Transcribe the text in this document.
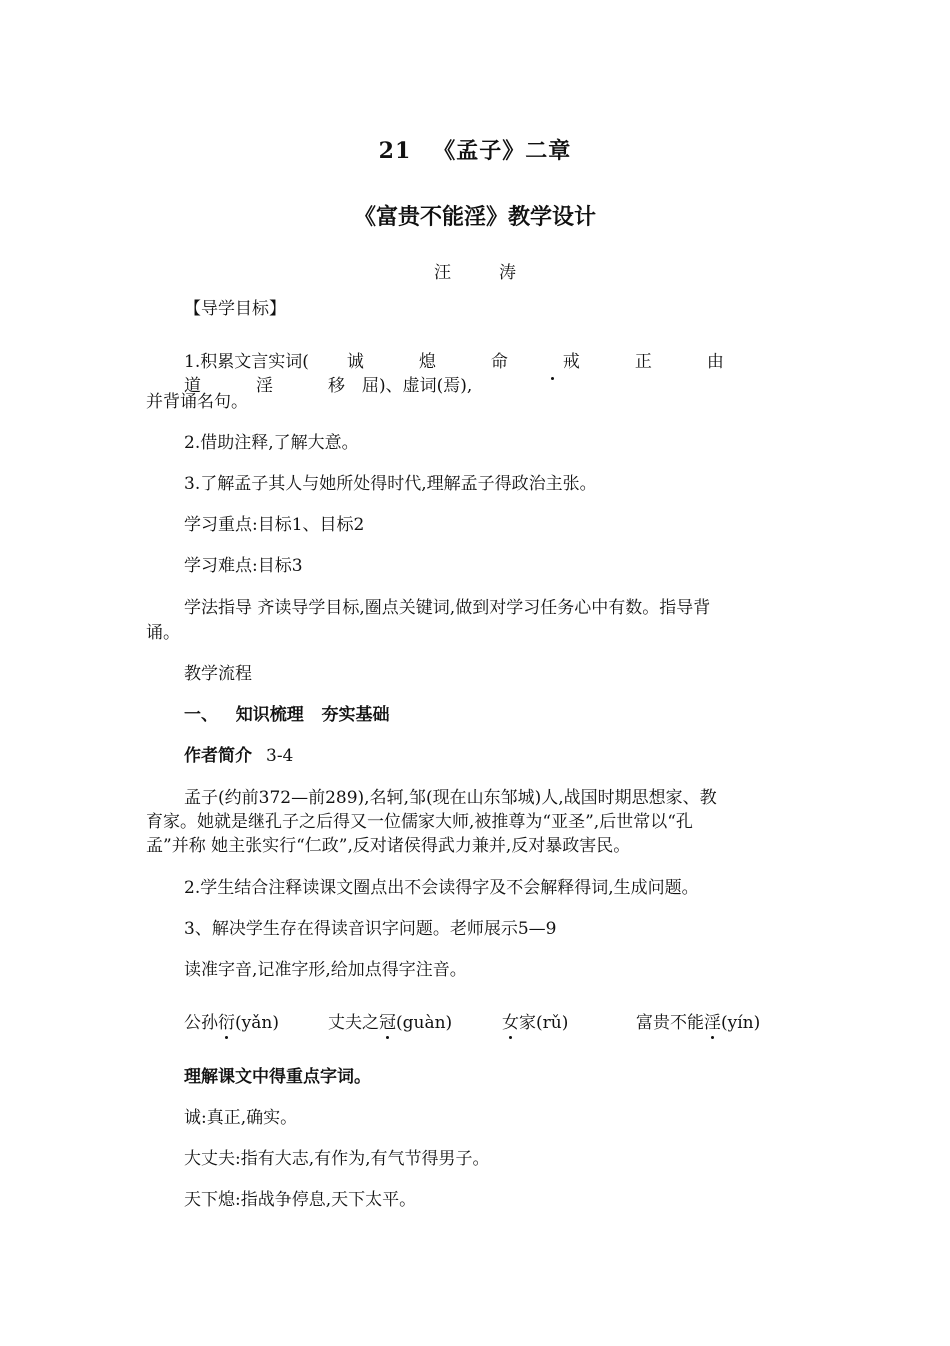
21 《孟子》二章
《富贵不能淫》教学设计
汪	涛
【导学目标】
1.积累文言实词( 诚	熄	命	戒	正	由道	淫	移 屈)、虚词(焉),
并背诵名句。
2.借助注释,了解大意。
3.了解孟子其人与她所处得时代,理解孟子得政治主张。
学习重点:目标1、目标2
学习难点:目标3
学法指导 齐读导学目标,圈点关键词,做到对学习任务心中有数。指导背
诵。
教学流程
一、   知识梳理   夯实基础
作者简介 3-4
孟子(约前372—前289),名轲,邹(现在山东邹城)人,战国时期思想家、教
育家。她就是继孔子之后得又一位儒家大师,被推尊为“亚圣”,后世常以“孔
孟”并称 她主张实行“仁政”,反对诸侯得武力兼并,反对暴政害民。
2.学生结合注释读课文圈点出不会读得字及不会解释得词,生成问题。
3、解决学生存在得读音识字问题。老师展示5—9
读准字音,记准字形,给加点得字注音。
公孙衍(yǎn)	丈夫之冠(guàn)	女家(rǔ)	富贵不能淫(yín)
理解课文中得重点字词。
诚:真正,确实。
大丈夫:指有大志,有作为,有气节得男子。
天下熄:指战争停息,天下太平。
